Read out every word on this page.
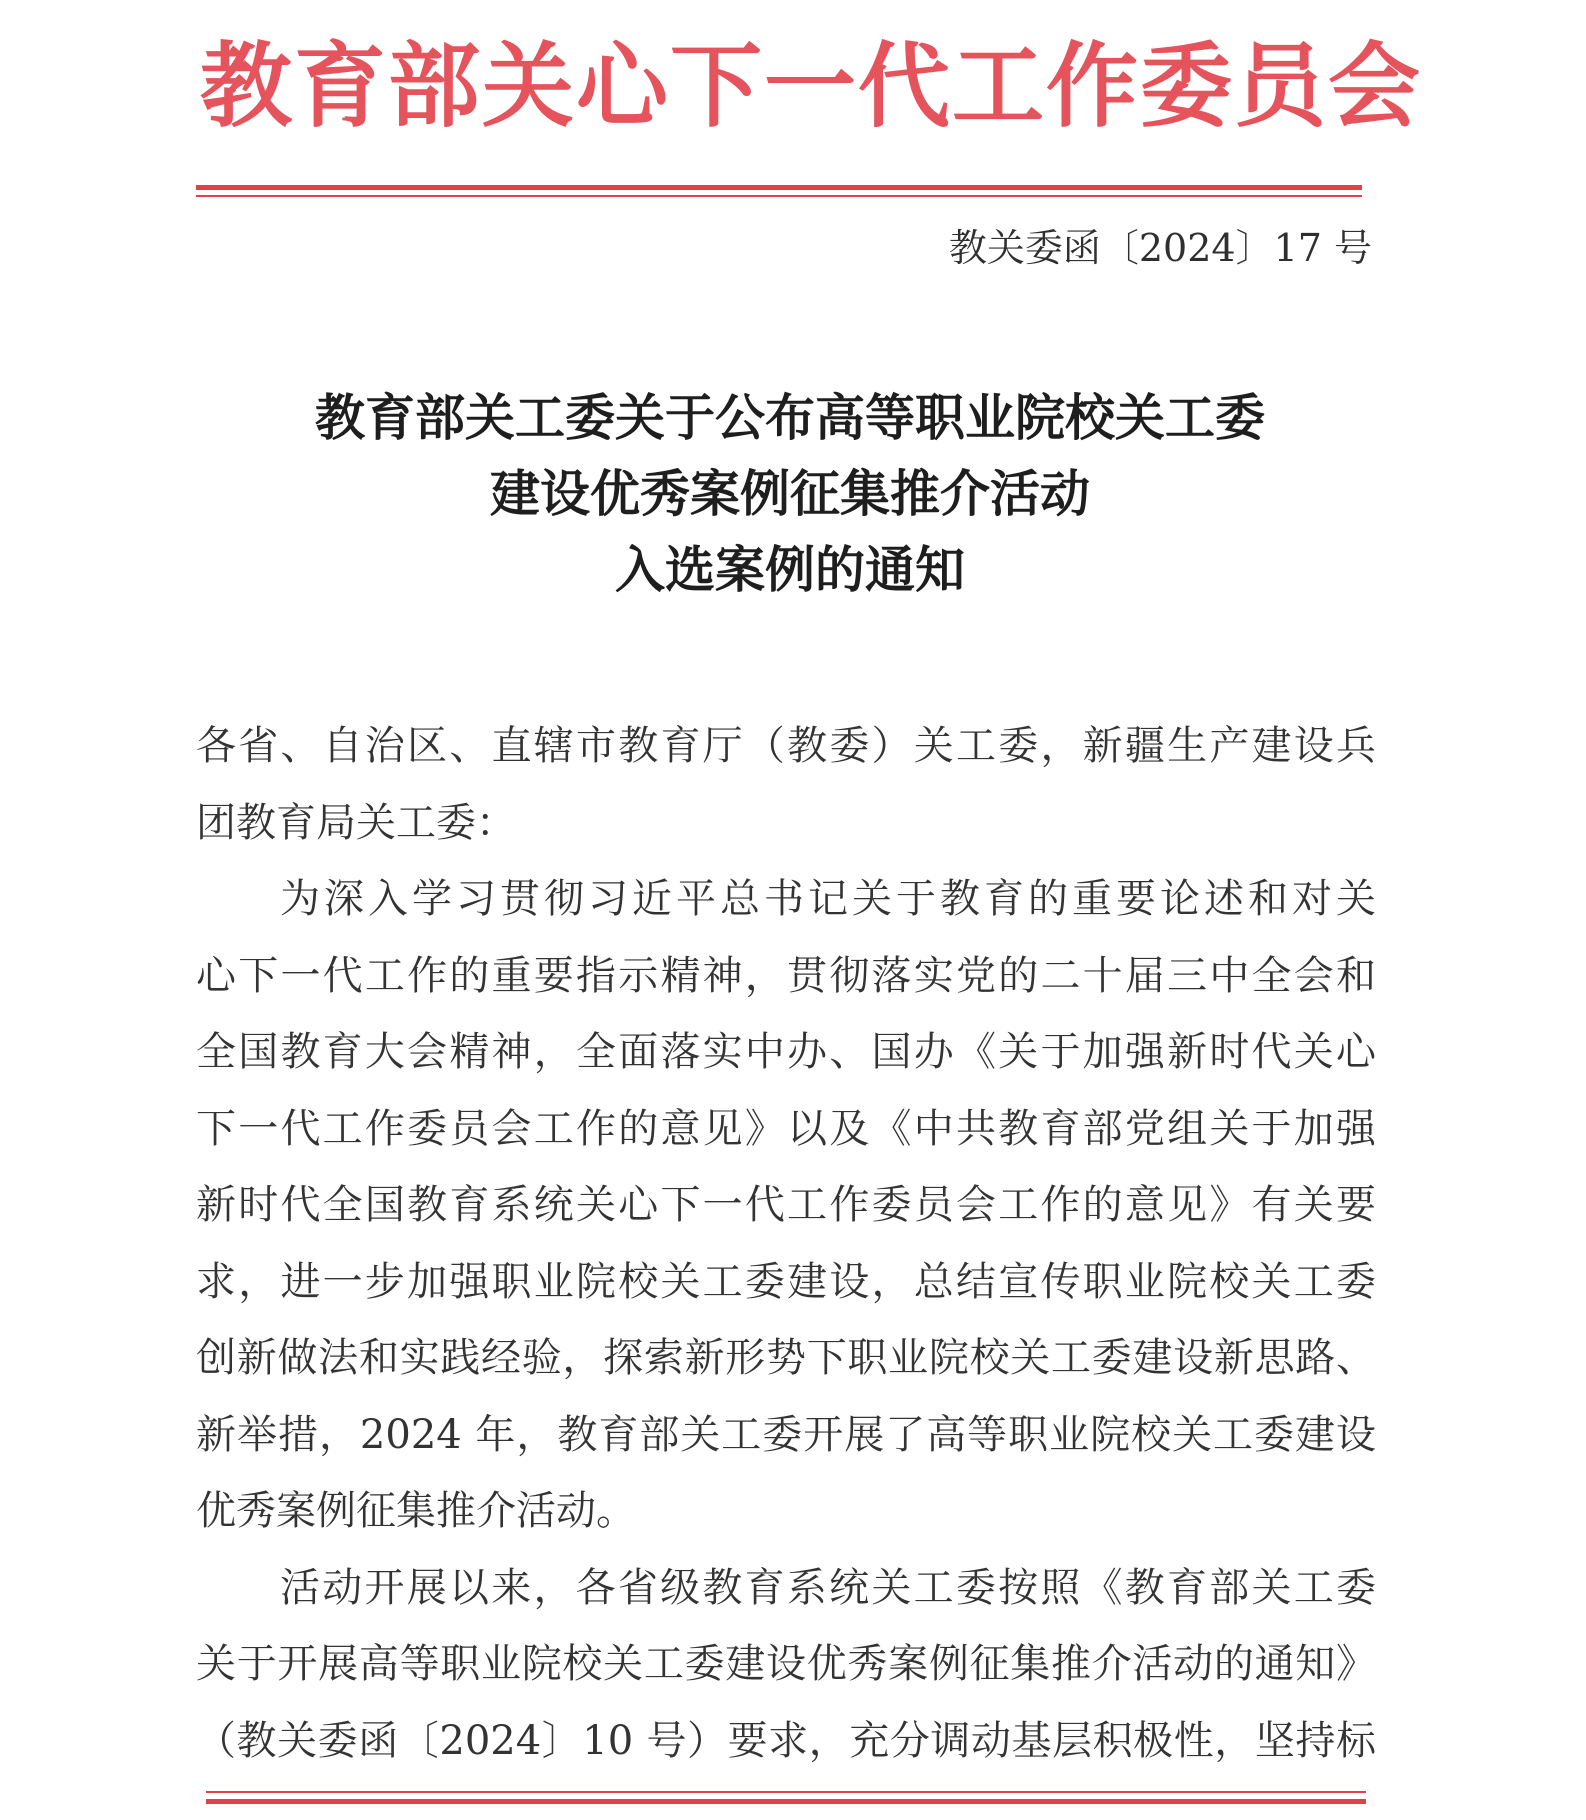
教育部关心下一代工作委员会
教关委函〔2024〕17 号
教育部关工委关于公布高等职业院校关工委
建设优秀案例征集推介活动
入选案例的通知
各省、自治区、直辖市教育厅（教委）关工委，新疆生产建设兵
团教育局关工委：
为深入学习贯彻习近平总书记关于教育的重要论述和对关
心下一代工作的重要指示精神，贯彻落实党的二十届三中全会和
全国教育大会精神，全面落实中办、国办《关于加强新时代关心
下一代工作委员会工作的意见》以及《中共教育部党组关于加强
新时代全国教育系统关心下一代工作委员会工作的意见》有关要
求，进一步加强职业院校关工委建设，总结宣传职业院校关工委
创新做法和实践经验，探索新形势下职业院校关工委建设新思路、
新举措，2024 年，教育部关工委开展了高等职业院校关工委建设
优秀案例征集推介活动。
活动开展以来，各省级教育系统关工委按照《教育部关工委
关于开展高等职业院校关工委建设优秀案例征集推介活动的通知》
（教关委函〔2024〕10 号）要求，充分调动基层积极性，坚持标
